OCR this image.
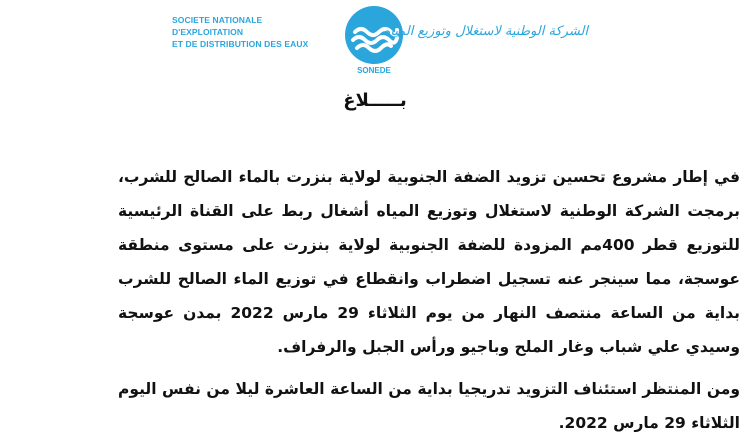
SOCIETE NATIONALE D'EXPLOITATION
ET DE DISTRIBUTION DES EAUX
SONEDE
الشركة الوطنية لاستغلال وتوزيع المياه
بـــــلاغ

في إطار مشروع تحسين تزويد الضفة الجنوبية لولاية بنزرت بالماء الصالح للشرب، برمجت الشركة الوطنية لاستغلال وتوزيع المياه أشغال ربط على القناة الرئيسية للتوزيع قطر 400مم المزودة للضفة الجنوبية لولاية بنزرت على مستوى منطقة عوسجة، مما سينجر عنه تسجيل اضطراب وانقطاع في توزيع الماء الصالح للشرب بداية من الساعة منتصف النهار من يوم الثلاثاء 29 مارس 2022 بمدن عوسجة وسيدي علي شباب وغار الملح وباجيو ورأس الجبل والرفراف.

ومن المنتظر استئناف التزويد تدريجيا بداية من الساعة العاشرة ليلا من نفس اليوم الثلاثاء 29 مارس 2022.
